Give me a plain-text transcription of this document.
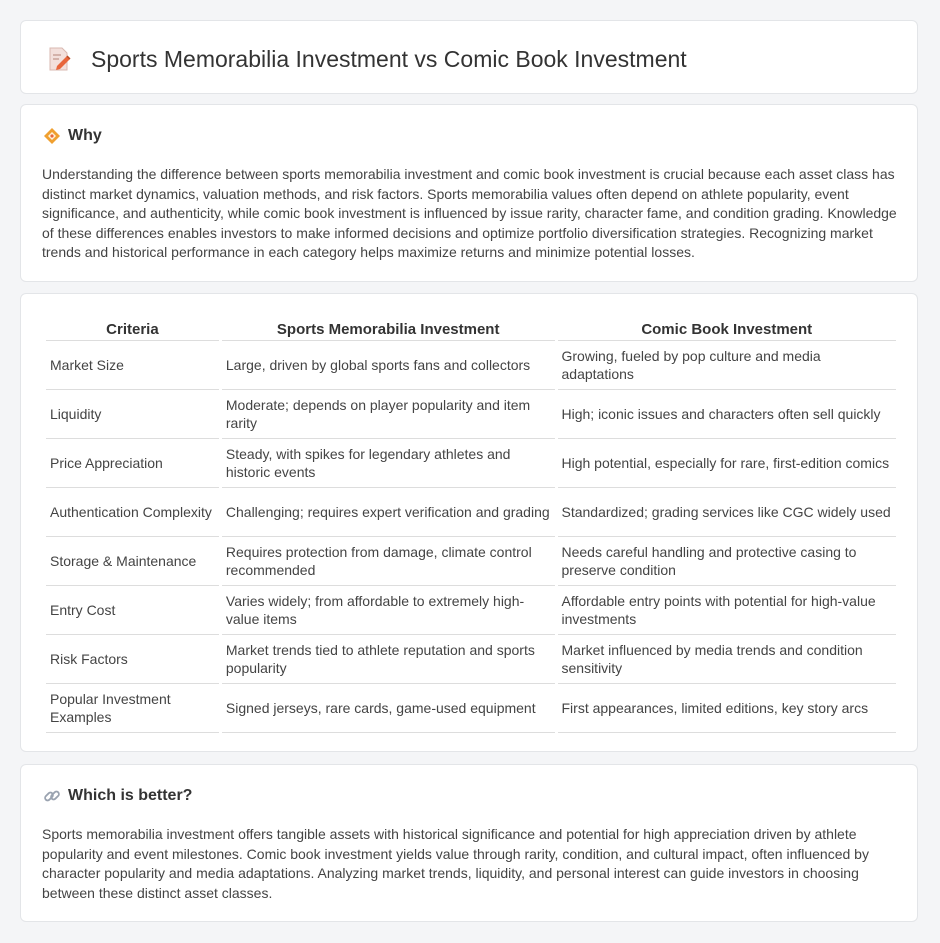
Sports Memorabilia Investment vs Comic Book Investment
Why

Understanding the difference between sports memorabilia investment and comic book investment is crucial because each asset class has distinct market dynamics, valuation methods, and risk factors. Sports memorabilia values often depend on athlete popularity, event significance, and authenticity, while comic book investment is influenced by issue rarity, character fame, and condition grading. Knowledge of these differences enables investors to make informed decisions and optimize portfolio diversification strategies. Recognizing market trends and historical performance in each category helps maximize returns and minimize potential losses.

Criteria	Sports Memorabilia Investment	Comic Book Investment
Market Size	Large, driven by global sports fans and collectors	Growing, fueled by pop culture and media adaptations
Liquidity	Moderate; depends on player popularity and item rarity	High; iconic issues and characters often sell quickly
Price Appreciation	Steady, with spikes for legendary athletes and historic events	High potential, especially for rare, first-edition comics
Authentication Complexity	Challenging; requires expert verification and grading	Standardized; grading services like CGC widely used
Storage & Maintenance	Requires protection from damage, climate control recommended	Needs careful handling and protective casing to preserve condition
Entry Cost	Varies widely; from affordable to extremely high-value items	Affordable entry points with potential for high-value investments
Risk Factors	Market trends tied to athlete reputation and sports popularity	Market influenced by media trends and condition sensitivity
Popular Investment Examples	Signed jerseys, rare cards, game-used equipment	First appearances, limited editions, key story arcs
Which is better?

Sports memorabilia investment offers tangible assets with historical significance and potential for high appreciation driven by athlete popularity and event milestones. Comic book investment yields value through rarity, condition, and cultural impact, often influenced by character popularity and media adaptations. Analyzing market trends, liquidity, and personal interest can guide investors in choosing between these distinct asset classes.
